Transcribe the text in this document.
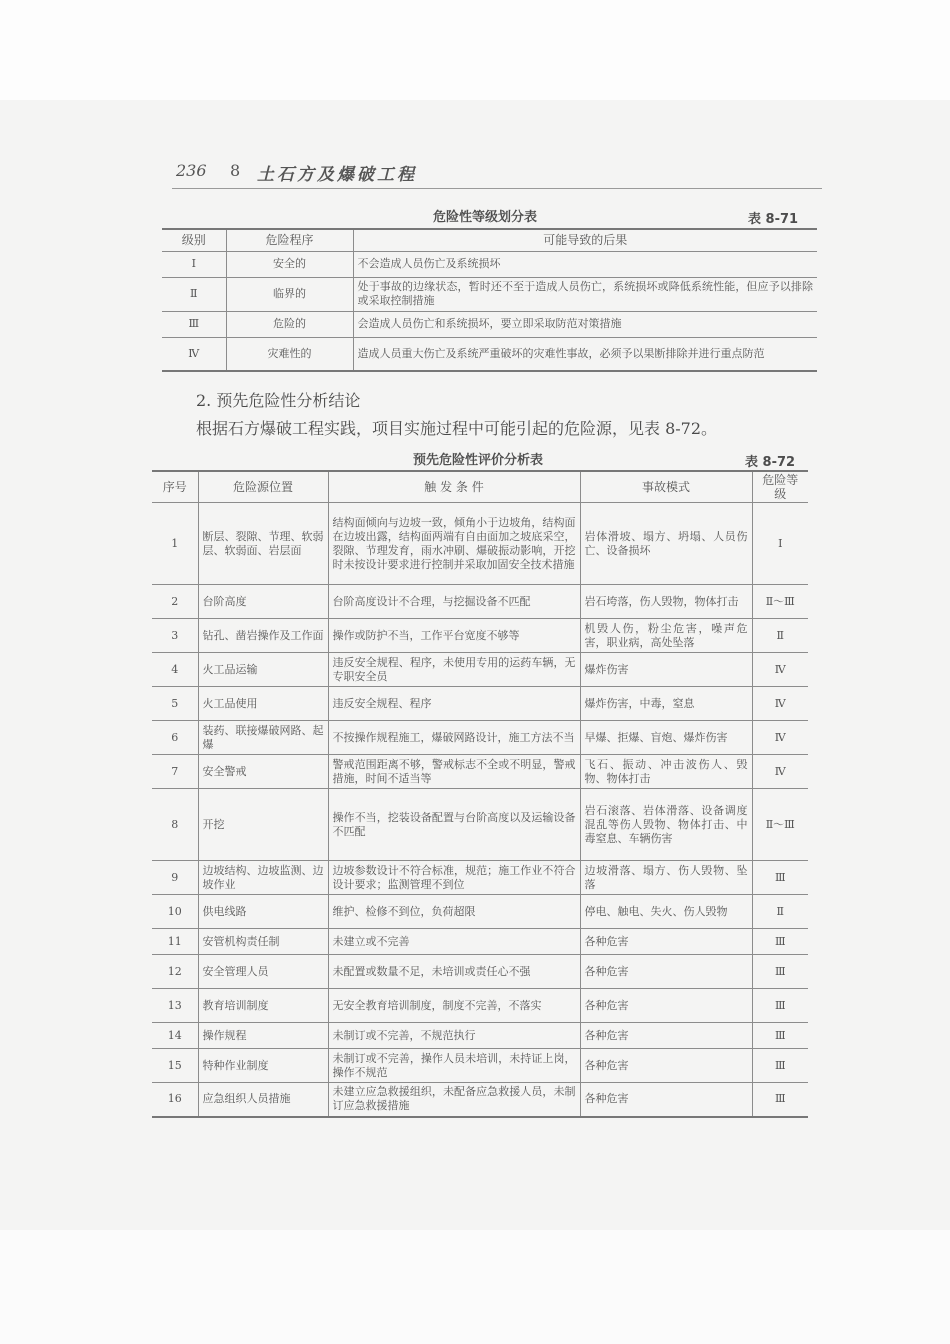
236 8 土石方及爆破工程
危险性等级划分表	表 8-71
级别	危险程序	可能导致的后果
Ⅰ	安全的	不会造成人员伤亡及系统损坏
Ⅱ	临界的	处于事故的边缘状态，暂时还不至于造成人员伤亡，系统损坏或降低系统性能，但应予以排除或采取控制措施
Ⅲ	危险的	会造成人员伤亡和系统损坏，要立即采取防范对策措施
Ⅳ	灾难性的	造成人员重大伤亡及系统严重破坏的灾难性事故，必须予以果断排除并进行重点防范
2. 预先危险性分析结论
根据石方爆破工程实践，项目实施过程中可能引起的危险源，见表 8-72。
预先危险性评价分析表	表 8-72
序号	危险源位置	触 发 条 件	事故模式	危险等级
1	断层、裂隙、节理、软弱层、软弱面、岩层面	结构面倾向与边坡一致，倾角小于边坡角，结构面在边坡出露，结构面两端有自由面加之坡底采空，裂隙、节理发育，雨水冲刷、爆破振动影响，开挖时未按设计要求进行控制并采取加固安全技术措施	岩体滑坡、塌方、坍塌、人员伤亡、设备损坏	Ⅰ
2	台阶高度	台阶高度设计不合理，与挖掘设备不匹配	岩石垮落，伤人毁物，物体打击	Ⅱ～Ⅲ
3	钻孔、凿岩操作及工作面	操作或防护不当，工作平台宽度不够等	机毁人伤，粉尘危害，噪声危害，职业病，高处坠落	Ⅱ
4	火工品运输	违反安全规程、程序，未使用专用的运药车辆，无专职安全员	爆炸伤害	Ⅳ
5	火工品使用	违反安全规程、程序	爆炸伤害，中毒，窒息	Ⅳ
6	装药、联接爆破网路、起爆	不按操作规程施工，爆破网路设计，施工方法不当	早爆、拒爆、盲炮、爆炸伤害	Ⅳ
7	安全警戒	警戒范围距离不够，警戒标志不全或不明显，警戒措施，时间不适当等	飞石、振动、冲击波伤人、毁物、物体打击	Ⅳ
8	开挖	操作不当，挖装设备配置与台阶高度以及运输设备不匹配	岩石滚落、岩体滑落、设备调度混乱等伤人毁物、物体打击、中毒窒息、车辆伤害	Ⅱ～Ⅲ
9	边坡结构、边坡监测、边坡作业	边坡参数设计不符合标准，规范；施工作业不符合设计要求；监测管理不到位	边坡滑落、塌方、伤人毁物、坠落	Ⅲ
10	供电线路	维护、检修不到位，负荷超限	停电、触电、失火、伤人毁物	Ⅱ
11	安管机构责任制	未建立或不完善	各种危害	Ⅲ
12	安全管理人员	未配置或数量不足，未培训或责任心不强	各种危害	Ⅲ
13	教育培训制度	无安全教育培训制度，制度不完善，不落实	各种危害	Ⅲ
14	操作规程	未制订或不完善，不规范执行	各种危害	Ⅲ
15	特种作业制度	未制订或不完善，操作人员未培训，未持证上岗，操作不规范	各种危害	Ⅲ
16	应急组织人员措施	未建立应急救援组织，未配备应急救援人员，未制订应急救援措施	各种危害	Ⅲ
